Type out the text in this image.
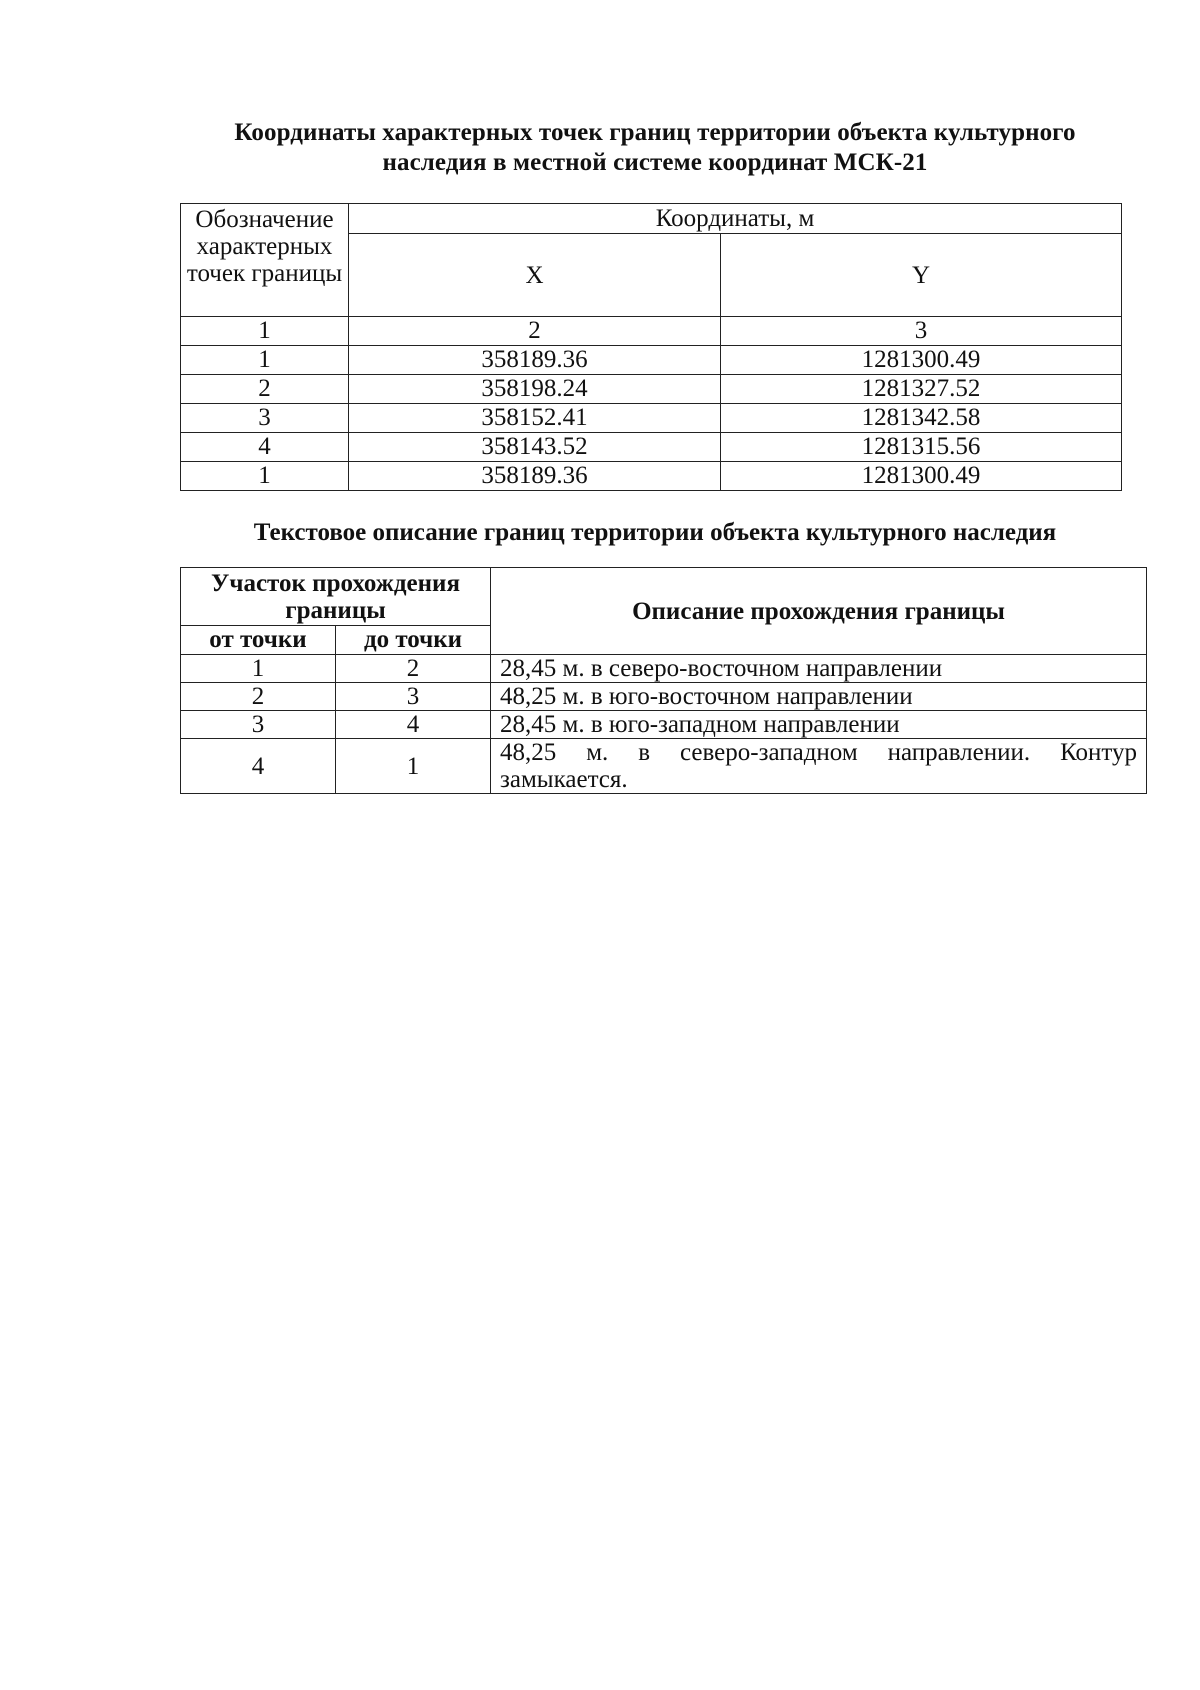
Координаты характерных точек границ территории объекта культурного наследия в местной системе координат МСК-21
Обозначение характерных точек границы	Координаты, м	
	X	Y
1	2	3
1	358189.36	1281300.49
2	358198.24	1281327.52
3	358152.41	1281342.58
4	358143.52	1281315.56
1	358189.36	1281300.49
Текстовое описание границ территории объекта культурного наследия
Участок прохождения границы		Описание прохождения границы
от точки	до точки	
1	2	28,45 м. в северо-восточном направлении
2	3	48,25 м. в юго-восточном направлении
3	4	28,45 м. в юго-западном направлении
4	1	48,25 м. в северо-западном направлении. Контур замыкается.
